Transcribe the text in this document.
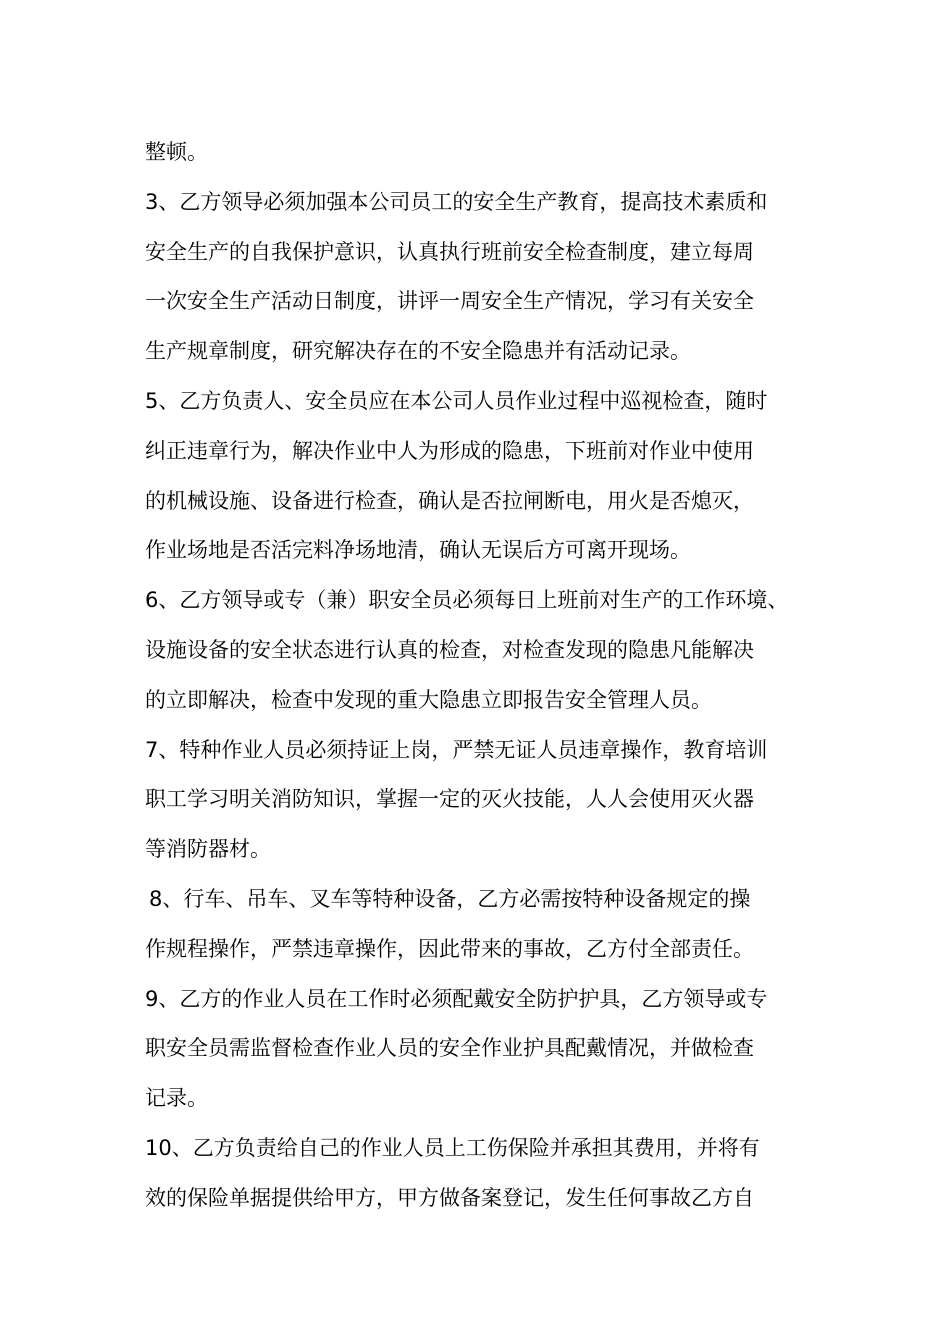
整顿。
3、乙方领导必须加强本公司员工的安全生产教育，提高技术素质和
安全生产的自我保护意识，认真执行班前安全检查制度，建立每周
一次安全生产活动日制度，讲评一周安全生产情况，学习有关安全
生产规章制度，研究解决存在的不安全隐患并有活动记录。
5、乙方负责人、安全员应在本公司人员作业过程中巡视检查，随时
纠正违章行为，解决作业中人为形成的隐患，下班前对作业中使用
的机械设施、设备进行检查，确认是否拉闸断电，用火是否熄灭，
作业场地是否活完料净场地清，确认无误后方可离开现场。
6、乙方领导或专（兼）职安全员必须每日上班前对生产的工作环境、
设施设备的安全状态进行认真的检查，对检查发现的隐患凡能解决
的立即解决，检查中发现的重大隐患立即报告安全管理人员。
7、特种作业人员必须持证上岗，严禁无证人员违章操作，教育培训
职工学习明关消防知识，掌握一定的灭火技能，人人会使用灭火器
等消防器材。
8、行车、吊车、叉车等特种设备，乙方必需按特种设备规定的操
作规程操作，严禁违章操作，因此带来的事故，乙方付全部责任。
9、乙方的作业人员在工作时必须配戴安全防护护具，乙方领导或专
职安全员需监督检查作业人员的安全作业护具配戴情况，并做检查
记录。
10、乙方负责给自己的作业人员上工伤保险并承担其费用，并将有
效的保险单据提供给甲方，甲方做备案登记，发生任何事故乙方自
